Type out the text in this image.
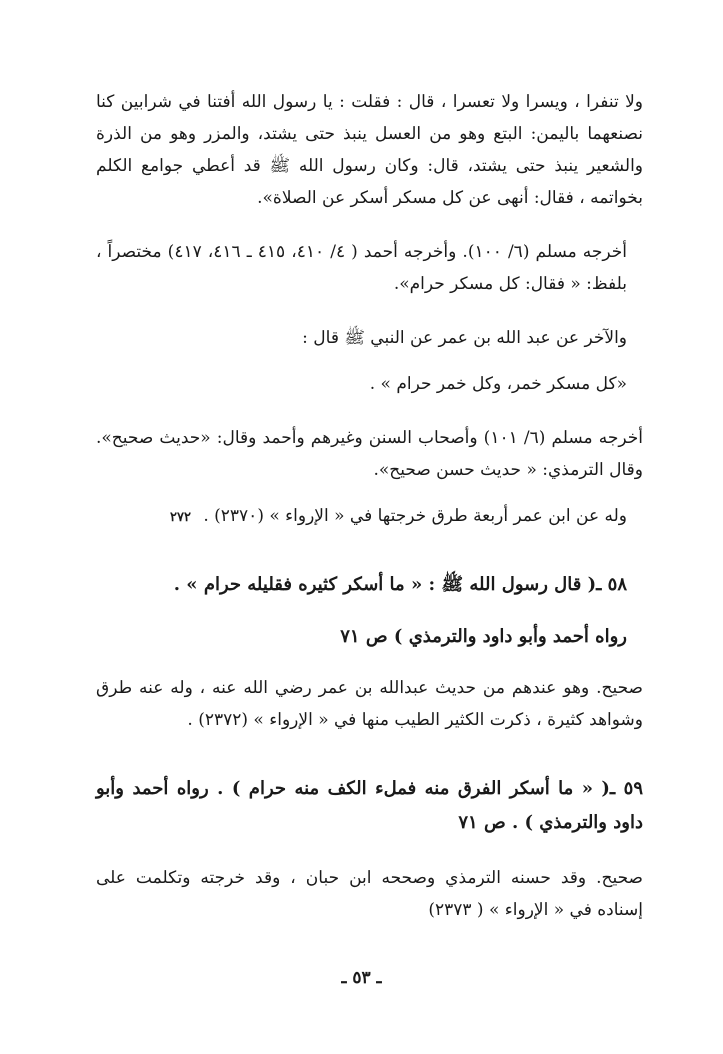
ولا تنفرا ، ويسرا ولا تعسرا ، قال : فقلت : يا رسول الله أفتنا في شرابين كنا نصنعهما باليمن: البتع وهو من العسل ينبذ حتى يشتد، والمزر وهو من الذرة والشعير ينبذ حتى يشتد، قال: وكان رسول الله ﷺ قد أعطي جوامع الكلم بخواتمه ، فقال: أنهى عن كل مسكر أسكر عن الصلاة».

أخرجه مسلم (٦/ ١٠٠). وأخرجه أحمد ( ٤/ ٤١٠، ٤١٥ ـ ٤١٦، ٤١٧) مختصراً ، بلفظ: « فقال: كل مسكر حرام».

والآخر عن عبد الله بن عمر عن النبي ﷺ قال :

«كل مسكر خمر، وكل خمر حرام » .

أخرجه مسلم (٦/ ١٠١) وأصحاب السنن وغيرهم وأحمد وقال: «حديث صحيح». وقال الترمذي: « حديث حسن صحيح».

وله عن ابن عمر أربعة طرق خرجتها في « الإرواء » (٢٣٧٠) .

٥٨ ـ( قال رسول الله ﷺ : « ما أسكر كثيره فقليله حرام » .

رواه أحمد وأبو داود والترمذي ) ص ٧١

صحيح. وهو عندهم من حديث عبدالله بن عمر رضي الله عنه ، وله عنه طرق وشواهد كثيرة ، ذكرت الكثير الطيب منها في « الإرواء » (٢٣٧٢) .

٥٩ ـ( « ما أسكر الفرق منه فملء الكف منه حرام ) . رواه أحمد وأبو داود والترمذي ) . ص ٧١

صحيح. وقد حسنه الترمذي وصححه ابن حبان ، وقد خرجته وتكلمت على إسناده في « الإرواء » ( ٢٣٧٣)

٢٧٢
ـ ٥٣ ـ
